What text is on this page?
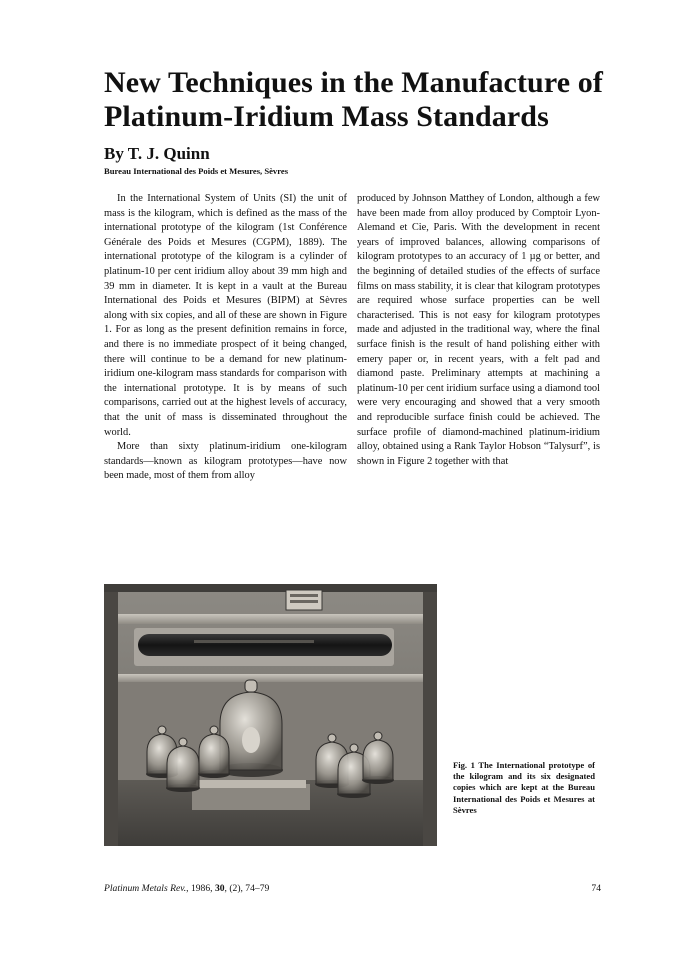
New Techniques in the Manufacture of Platinum-Iridium Mass Standards

By T. J. Quinn

Bureau International des Poids et Mesures, Sèvres

In the International System of Units (SI) the unit of mass is the kilogram, which is defined as the mass of the international prototype of the kilogram (1st Conférence Générale des Poids et Mesures (CGPM), 1889). The international prototype of the kilogram is a cylinder of platinum-10 per cent iridium alloy about 39 mm high and 39 mm in diameter. It is kept in a vault at the Bureau International des Poids et Mesures (BIPM) at Sèvres along with six copies, and all of these are shown in Figure 1. For as long as the present definition remains in force, and there is no immediate prospect of it being changed, there will continue to be a demand for new platinum-iridium one-kilogram mass standards for comparison with the international prototype. It is by means of such comparisons, carried out at the highest levels of accuracy, that the unit of mass is disseminated throughout the world.

More than sixty platinum-iridium one-kilogram standards—known as kilogram prototypes—have now been made, most of them from alloy

produced by Johnson Matthey of London, although a few have been made from alloy produced by Comptoir Lyon-Alemand et Cie, Paris. With the development in recent years of improved balances, allowing comparisons of kilogram prototypes to an accuracy of 1 µg or better, and the beginning of detailed studies of the effects of surface films on mass stability, it is clear that kilogram prototypes are required whose surface properties can be well characterised. This is not easy for kilogram prototypes made and adjusted in the traditional way, where the final surface finish is the result of hand polishing either with emery paper or, in recent years, with a felt pad and diamond paste. Preliminary attempts at machining a platinum-10 per cent iridium surface using a diamond tool were very encouraging and showed that a very smooth and reproducible surface finish could be achieved. The surface profile of diamond-machined platinum-iridium alloy, obtained using a Rank Taylor Hobson “Talysurf”, is shown in Figure 2 together with that

Fig. 1 The International prototype of the kilogram and its six designated copies which are kept at the Bureau International des Poids et Mesures at Sèvres

Platinum Metals Rev., 1986, 30, (2), 74–79	74
